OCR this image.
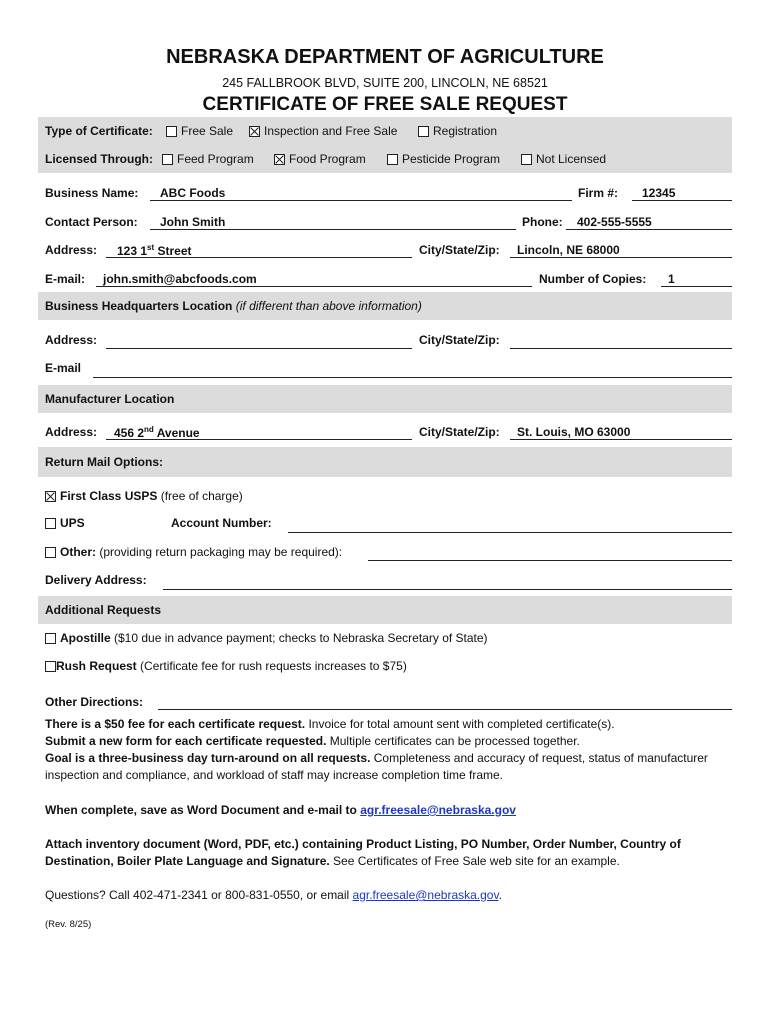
NEBRASKA DEPARTMENT OF AGRICULTURE
245 FALLBROOK BLVD, SUITE 200, LINCOLN, NE 68521
CERTIFICATE OF FREE SALE REQUEST
Type of Certificate:	Free Sale	Inspection and Free Sale	Registration
Licensed Through:	Feed Program	Food Program	Pesticide Program	Not Licensed
Business Name: ABC Foods	Firm #: 12345
Contact Person: John Smith	Phone: 402-555-5555
Address: 123 1st Street	City/State/Zip: Lincoln, NE 68000
E-mail: john.smith@abcfoods.com	Number of Copies: 1
Business Headquarters Location (if different than above information)
Address:	City/State/Zip:
E-mail
Manufacturer Location
Address: 456 2nd Avenue	City/State/Zip: St. Louis, MO 63000
Return Mail Options:
First Class USPS (free of charge)
UPS	Account Number:
Other: (providing return packaging may be required):
Delivery Address:
Additional Requests
Apostille ($10 due in advance payment; checks to Nebraska Secretary of State)
Rush Request (Certificate fee for rush requests increases to $75)
Other Directions:
There is a $50 fee for each certificate request. Invoice for total amount sent with completed certificate(s).
Submit a new form for each certificate requested. Multiple certificates can be processed together.
Goal is a three-business day turn-around on all requests. Completeness and accuracy of request, status of manufacturer inspection and compliance, and workload of staff may increase completion time frame.
When complete, save as Word Document and e-mail to agr.freesale@nebraska.gov
Attach inventory document (Word, PDF, etc.) containing Product Listing, PO Number, Order Number, Country of Destination, Boiler Plate Language and Signature. See Certificates of Free Sale web site for an example.
Questions? Call 402-471-2341 or 800-831-0550, or email agr.freesale@nebraska.gov.
(Rev. 8/25)
